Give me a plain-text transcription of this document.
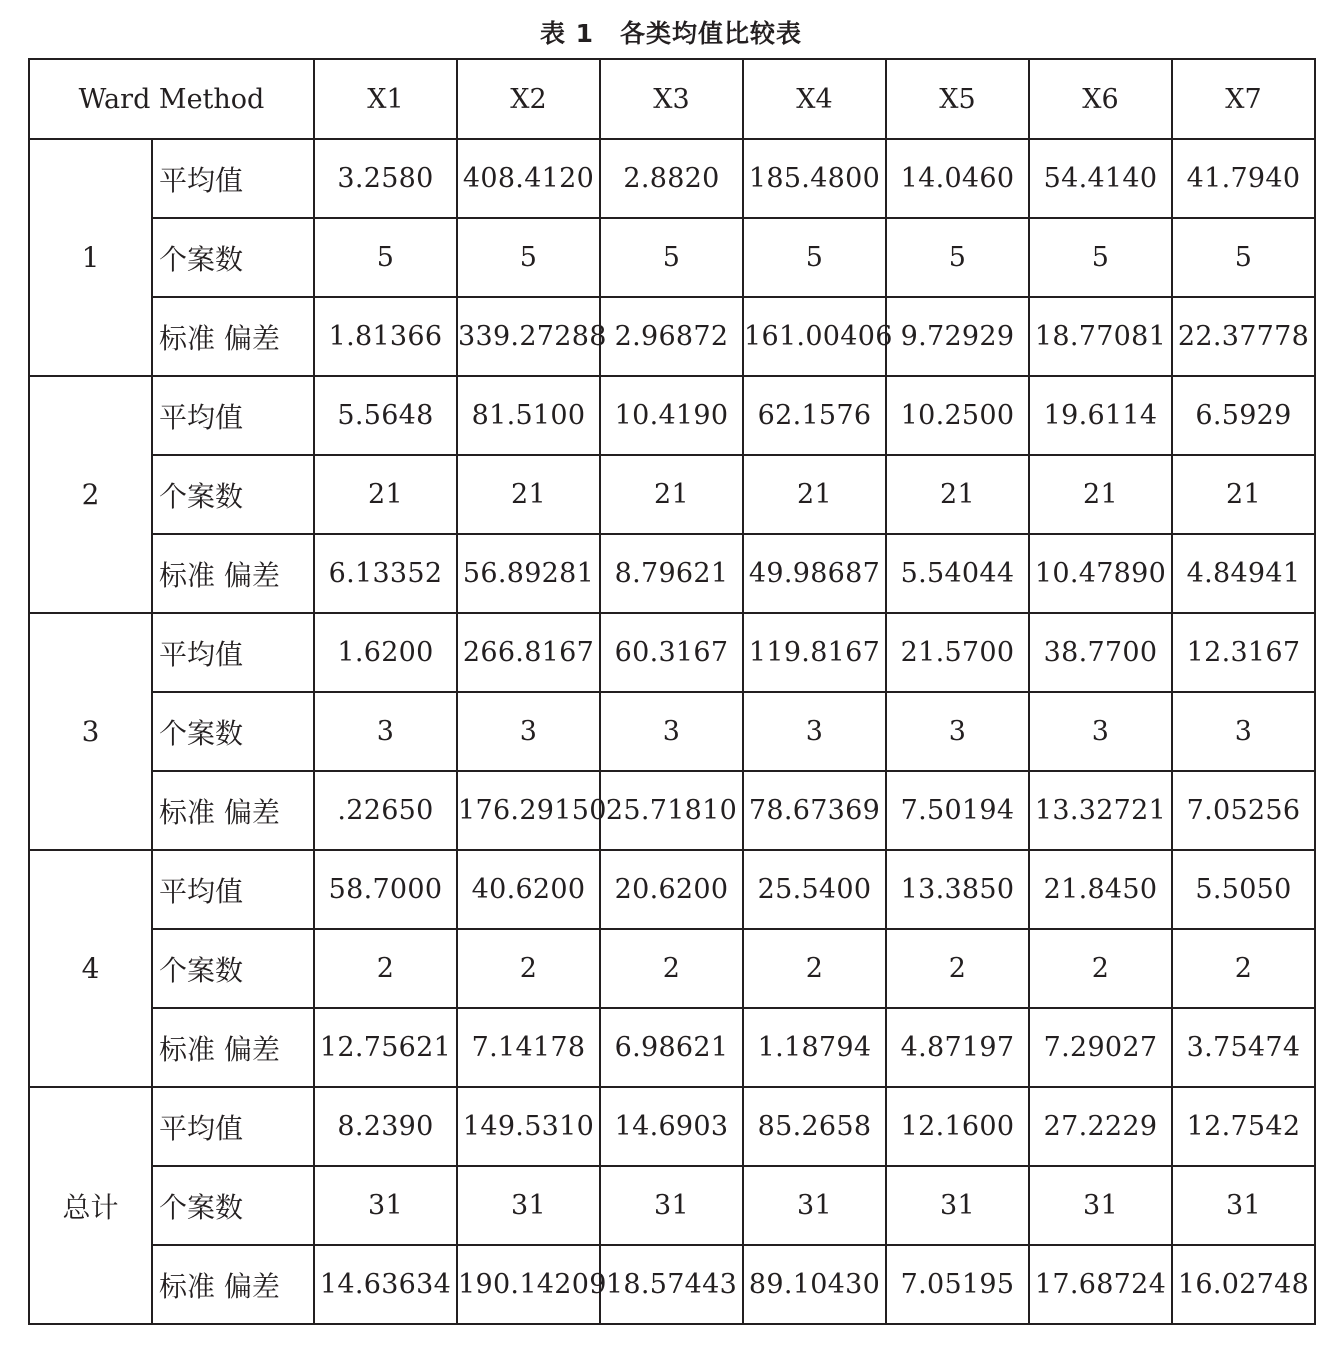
表 1　各类均值比较表
Ward Method		X1	X2	X3	X4	X5	X6	X7
1	平均值	3.2580	408.4120	2.8820	185.4800	14.0460	54.4140	41.7940
	个案数	5	5	5	5	5	5	5
	标准 偏差	1.81366	339.27288	2.96872	161.00406	9.72929	18.77081	22.37778
2	平均值	5.5648	81.5100	10.4190	62.1576	10.2500	19.6114	6.5929
	个案数	21	21	21	21	21	21	21
	标准 偏差	6.13352	56.89281	8.79621	49.98687	5.54044	10.47890	4.84941
3	平均值	1.6200	266.8167	60.3167	119.8167	21.5700	38.7700	12.3167
	个案数	3	3	3	3	3	3	3
	标准 偏差	.22650	176.29150	25.71810	78.67369	7.50194	13.32721	7.05256
4	平均值	58.7000	40.6200	20.6200	25.5400	13.3850	21.8450	5.5050
	个案数	2	2	2	2	2	2	2
	标准 偏差	12.75621	7.14178	6.98621	1.18794	4.87197	7.29027	3.75474
总计	平均值	8.2390	149.5310	14.6903	85.2658	12.1600	27.2229	12.7542
	个案数	31	31	31	31	31	31	31
	标准 偏差	14.63634	190.14209	18.57443	89.10430	7.05195	17.68724	16.02748
